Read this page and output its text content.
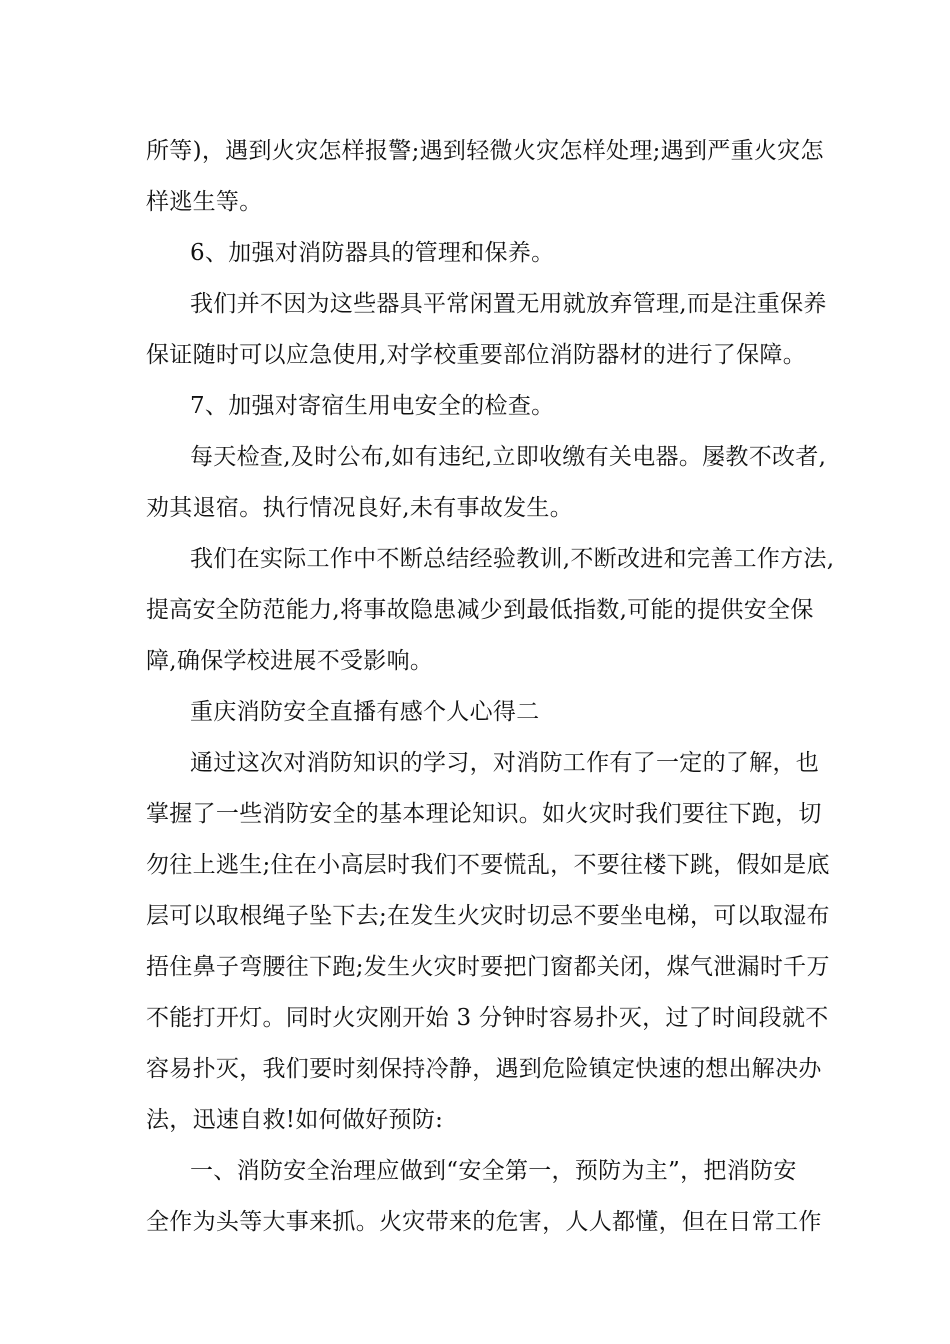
所等)，遇到火灾怎样报警;遇到轻微火灾怎样处理;遇到严重火灾怎
样逃生等。
6、加强对消防器具的管理和保养。
我们并不因为这些器具平常闲置无用就放弃管理,而是注重保养
保证随时可以应急使用,对学校重要部位消防器材的进行了保障。
7、加强对寄宿生用电安全的检查。
每天检查,及时公布,如有违纪,立即收缴有关电器。屡教不改者,
劝其退宿。执行情况良好,未有事故发生。
我们在实际工作中不断总结经验教训,不断改进和完善工作方法,
提高安全防范能力,将事故隐患减少到最低指数,可能的提供安全保
障,确保学校进展不受影响。
重庆消防安全直播有感个人心得二
通过这次对消防知识的学习，对消防工作有了一定的了解，也
掌握了一些消防安全的基本理论知识。如火灾时我们要往下跑，切
勿往上逃生;住在小高层时我们不要慌乱，不要往楼下跳，假如是底
层可以取根绳子坠下去;在发生火灾时切忌不要坐电梯，可以取湿布
捂住鼻子弯腰往下跑;发生火灾时要把门窗都关闭，煤气泄漏时千万
不能打开灯。同时火灾刚开始 3 分钟时容易扑灭，过了时间段就不
容易扑灭，我们要时刻保持冷静，遇到危险镇定快速的想出解决办
法，迅速自救!如何做好预防:
一、消防安全治理应做到“安全第一，预防为主”，把消防安
全作为头等大事来抓。火灾带来的危害，人人都懂，但在日常工作
